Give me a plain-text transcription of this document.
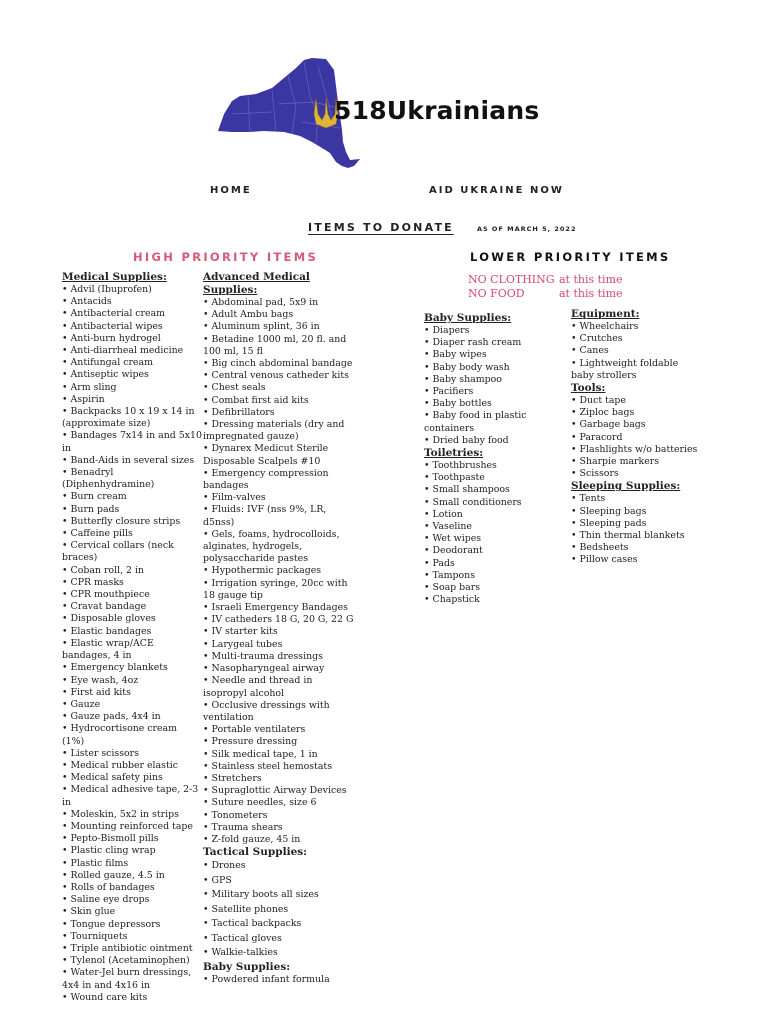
518Ukrainians
HOME	AID UKRAINE NOW
ITEMS TO DONATE	AS OF MARCH 5, 2022
HIGH PRIORITY ITEMS	LOWER PRIORITY ITEMS
NO CLOTHING at this time
NO FOOD	at this time
Medical Supplies:
• Advil (Ibuprofen)
• Antacids
• Antibacterial cream
• Antibacterial wipes
• Anti-burn hydrogel
• Anti-diarrheal medicine
• Antifungal cream
• Antiseptic wipes
• Arm sling
• Aspirin
• Backpacks 10 x 19 x 14 in (approximate size)
• Bandages 7x14 in and 5x10 in
• Band-Aids in several sizes
• Benadryl (Diphenhydramine)
• Burn cream
• Burn pads
• Butterfly closure strips
• Caffeine pills
• Cervical collars (neck braces)
• Coban roll, 2 in
• CPR masks
• CPR mouthpiece
• Cravat bandage
• Disposable gloves
• Elastic bandages
• Elastic wrap/ACE bandages, 4 in
• Emergency blankets
• Eye wash, 4oz
• First aid kits
• Gauze
• Gauze pads, 4x4 in
• Hydrocortisone cream (1%)
• Lister scissors
• Medical rubber elastic
• Medical safety pins
• Medical adhesive tape, 2-3 in
• Moleskin, 5x2 in strips
• Mounting reinforced tape
• Pepto-Bismoll pills
• Plastic cling wrap
• Plastic films
• Rolled gauze, 4.5 in
• Rolls of bandages
• Saline eye drops
• Skin glue
• Tongue depressors
• Tourniquets
• Triple antibiotic ointment
• Tylenol (Acetaminophen)
• Water-Jel burn dressings, 4x4 in and 4x16 in
• Wound care kits
Advanced Medical Supplies:
• Abdominal pad, 5x9 in
• Adult Ambu bags
• Aluminum splint, 36 in
• Betadine 1000 ml, 20 fl. and 100 ml, 15 fl
• Big cinch abdominal bandage
• Central venous catheder kits
• Chest seals
• Combat first aid kits
• Defibrillators
• Dressing materials (dry and impregnated gauze)
• Dynarex Medicut Sterile Disposable Scalpels #10
• Emergency compression bandages
• Film-valves
• Fluids: IVF (nss 9%, LR, d5nss)
• Gels, foams, hydrocolloids, alginates, hydrogels, polysaccharide pastes
• Hypothermic packages
• Irrigation syringe, 20cc with 18 gauge tip
• Israeli Emergency Bandages
• IV catheders 18 G, 20 G, 22 G
• IV starter kits
• Larygeal tubes
• Multi-trauma dressings
• Nasopharyngeal airway
• Needle and thread in isopropyl alcohol
• Occlusive dressings with ventilation
• Portable ventilaters
• Pressure dressing
• Silk medical tape, 1 in
• Stainless steel hemostats
• Stretchers
• Supraglottic Airway Devices
• Suture needles, size 6
• Tonometers
• Trauma shears
• Z-fold gauze, 45 in
Tactical Supplies:
• Drones
• GPS
• Military boots all sizes
• Satellite phones
• Tactical backpacks
• Tactical gloves
• Walkie-talkies
Baby Supplies:
• Powdered infant formula
Baby Supplies:
• Diapers
• Diaper rash cream
• Baby wipes
• Baby body wash
• Baby shampoo
• Pacifiers
• Baby bottles
• Baby food in plastic containers
• Dried baby food
Toiletries:
• Toothbrushes
• Toothpaste
• Small shampoos
• Small conditioners
• Lotion
• Vaseline
• Wet wipes
• Deodorant
• Pads
• Tampons
• Soap bars
• Chapstick
Equipment:
• Wheelchairs
• Crutches
• Canes
• Lightweight foldable baby strollers
Tools:
• Duct tape
• Ziploc bags
• Garbage bags
• Paracord
• Flashlights w/o batteries
• Sharpie markers
• Scissors
Sleeping Supplies:
• Tents
• Sleeping bags
• Sleeping pads
• Thin thermal blankets
• Bedsheets
• Pillow cases
